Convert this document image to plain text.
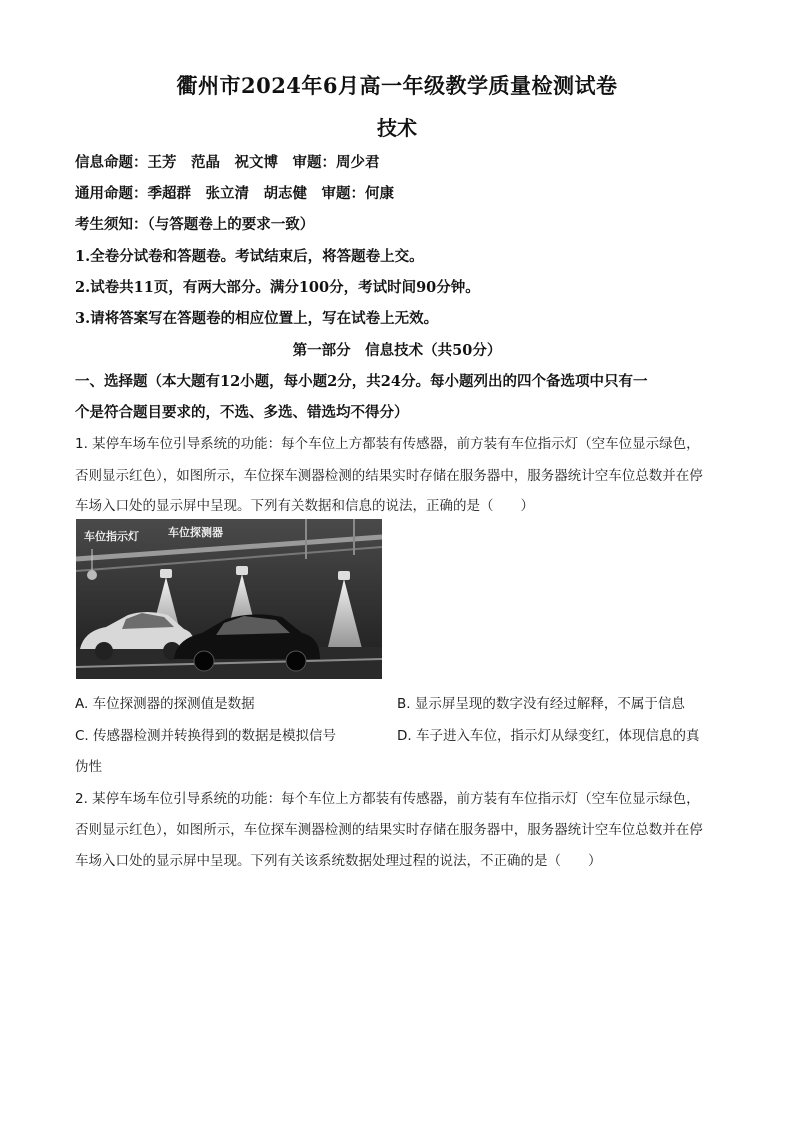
衢州市2024年6月高一年级教学质量检测试卷
技术
信息命题：王芳　范晶　祝文博　审题：周少君
通用命题：季超群　张立清　胡志健　审题：何康
考生须知：（与答题卷上的要求一致）
1.全卷分试卷和答题卷。考试结束后，将答题卷上交。
2.试卷共11页，有两大部分。满分100分，考试时间90分钟。
3.请将答案写在答题卷的相应位置上，写在试卷上无效。
第一部分　信息技术（共50分）
一、选择题（本大题有12小题，每小题2分，共24分。每小题列出的四个备选项中只有一
个是符合题目要求的，不选、多选、错选均不得分）
1. 某停车场车位引导系统的功能：每个车位上方都装有传感器，前方装有车位指示灯（空车位显示绿色，
否则显示红色），如图所示，车位探车测器检测的结果实时存储在服务器中，服务器统计空车位总数并在停
车场入口处的显示屏中呈现。下列有关数据和信息的说法，正确的是（　　）
车位指示灯	车位探测器
A. 车位探测器的探测值是数据	B. 显示屏呈现的数字没有经过解释，不属于信息
C. 传感器检测并转换得到的数据是模拟信号	D. 车子进入车位，指示灯从绿变红，体现信息的真
伪性
2. 某停车场车位引导系统的功能：每个车位上方都装有传感器，前方装有车位指示灯（空车位显示绿色，
否则显示红色），如图所示，车位探车测器检测的结果实时存储在服务器中，服务器统计空车位总数并在停
车场入口处的显示屏中呈现。下列有关该系统数据处理过程的说法，不正确的是（　　）
